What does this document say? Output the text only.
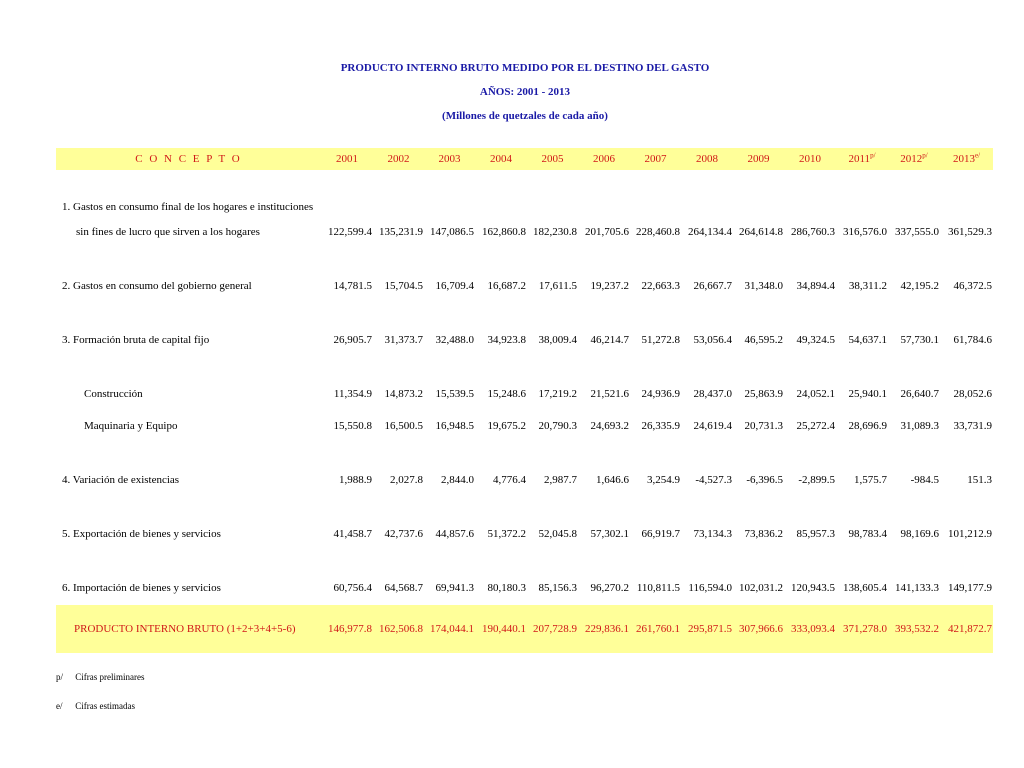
PRODUCTO INTERNO BRUTO MEDIDO POR EL DESTINO DEL GASTO
AÑOS: 2001 - 2013
(Millones de quetzales de cada año)
C O N C E P T O	2001	2002	2003	2004	2005	2006	2007	2008	2009	2010	$2011^{p/}$	$2012^{p/}$	$2013^{e/}$

1. Gastos en consumo final de los hogares e instituciones													
sin fines de lucro que sirven a los hogares	122,599.4	135,231.9	147,086.5	162,860.8	182,230.8	201,705.6	228,460.8	264,134.4	264,614.8	286,760.3	316,576.0	337,555.0	361,529.3

2. Gastos en consumo del gobierno general	14,781.5	15,704.5	16,709.4	16,687.2	17,611.5	19,237.2	22,663.3	26,667.7	31,348.0	34,894.4	38,311.2	42,195.2	46,372.5

3. Formación bruta de capital fijo	26,905.7	31,373.7	32,488.0	34,923.8	38,009.4	46,214.7	51,272.8	53,056.4	46,595.2	49,324.5	54,637.1	57,730.1	61,784.6

Construcción	11,354.9	14,873.2	15,539.5	15,248.6	17,219.2	21,521.6	24,936.9	28,437.0	25,863.9	24,052.1	25,940.1	26,640.7	28,052.6

Maquinaria y Equipo	15,550.8	16,500.5	16,948.5	19,675.2	20,790.3	24,693.2	26,335.9	24,619.4	20,731.3	25,272.4	28,696.9	31,089.3	33,731.9

4. Variación de existencias	1,988.9	2,027.8	2,844.0	4,776.4	2,987.7	1,646.6	3,254.9	-4,527.3	-6,396.5	-2,899.5	1,575.7	-984.5	151.3

5. Exportación de bienes y servicios	41,458.7	42,737.6	44,857.6	51,372.2	52,045.8	57,302.1	66,919.7	73,134.3	73,836.2	85,957.3	98,783.4	98,169.6	101,212.9

6. Importación de bienes y servicios	60,756.4	64,568.7	69,941.3	80,180.3	85,156.3	96,270.2	110,811.5	116,594.0	102,031.2	120,943.5	138,605.4	141,133.3	149,177.9

PRODUCTO INTERNO BRUTO (1+2+3+4+5-6)	146,977.8	162,506.8	174,044.1	190,440.1	207,728.9	229,836.1	261,760.1	295,871.5	307,966.6	333,093.4	371,278.0	393,532.2	421,872.7
p/ Cifras preliminares
e/ Cifras estimadas
